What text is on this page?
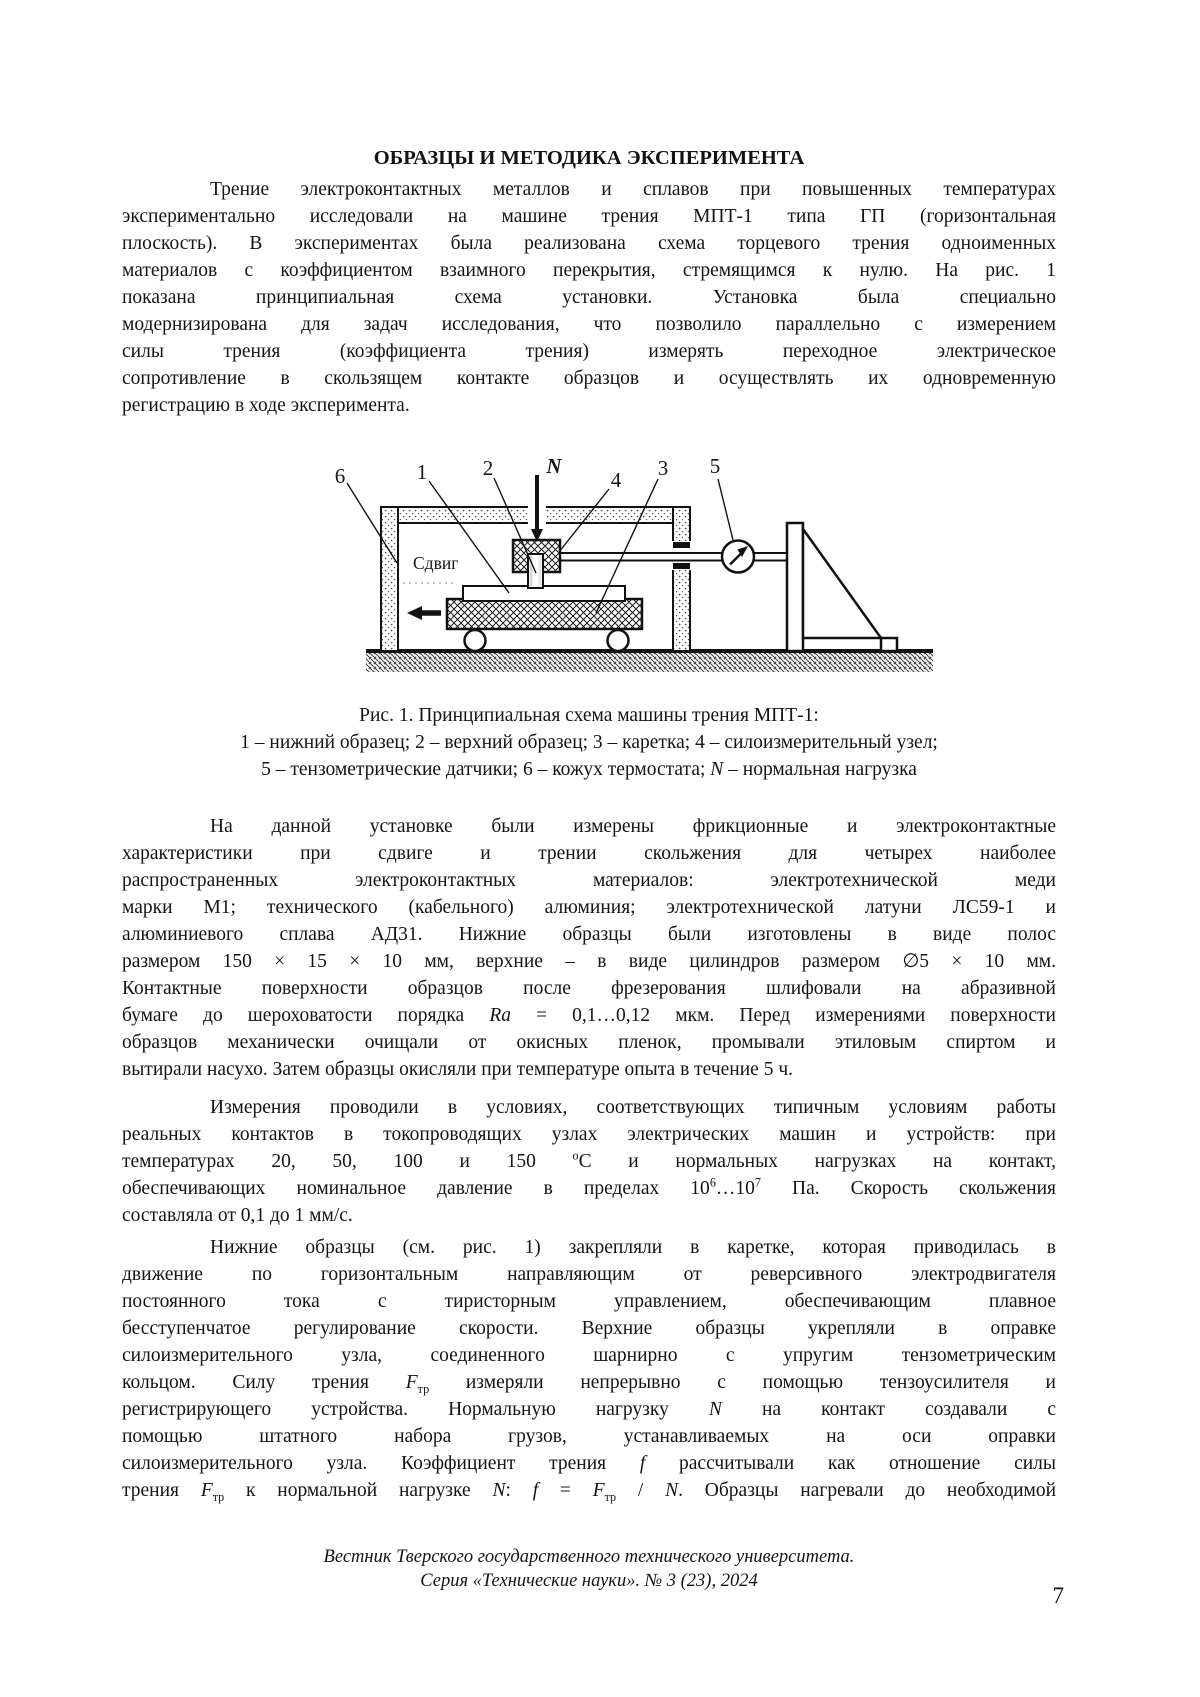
ОБРАЗЦЫ И МЕТОДИКА ЭКСПЕРИМЕНТА
Трение электроконтактных металлов и сплавов при повышенных температурах
экспериментально исследовали на машине трения МПТ-1 типа ГП (горизонтальная
плоскость). В экспериментах была реализована схема торцевого трения одноименных
материалов с коэффициентом взаимного перекрытия, стремящимся к нулю. На рис. 1
показана принципиальная схема установки. Установка была специально
модернизирована для задач исследования, что позволило параллельно с измерением
силы трения (коэффициента трения) измерять переходное электрическое
сопротивление в скользящем контакте образцов и осуществлять их одновременную
регистрацию в ходе эксперимента.
Сдвиг
6	1	2	N
4 3 5
Рис. 1. Принципиальная схема машины трения МПТ-1:
1 – нижний образец; 2 – верхний образец; 3 – каретка; 4 – силоизмерительный узел;
5 – тензометрические датчики; 6 – кожух термостата; N – нормальная нагрузка
На данной установке были измерены фрикционные и электроконтактные
характеристики при сдвиге и трении скольжения для четырех наиболее
распространенных электроконтактных материалов: электротехнической меди
марки М1; технического (кабельного) алюминия; электротехнической латуни ЛС59-1 и
алюминиевого сплава АД31. Нижние образцы были изготовлены в виде полос
размером 150 × 15 × 10 мм, верхние – в виде цилиндров размером ∅5 × 10 мм.
Контактные поверхности образцов после фрезерования шлифовали на абразивной
бумаге до шероховатости порядка Ra = 0,1…0,12 мкм. Перед измерениями поверхности
образцов механически очищали от окисных пленок, промывали этиловым спиртом и
вытирали насухо. Затем образцы окисляли при температуре опыта в течение 5 ч.
Измерения проводили в условиях, соответствующих типичным условиям работы
реальных контактов в токопроводящих узлах электрических машин и устройств: при
температурах 20, 50, 100 и 150 $^о$С и нормальных нагрузках на контакт,
обеспечивающих номинальное давление в пределах $10^6\dots 10^7$ Па. Скорость скольжения
составляла от 0,1 до 1 мм/с.
Нижние образцы (см. рис. 1) закрепляли в каретке, которая приводилась в
движение по горизонтальным направляющим от реверсивного электродвигателя
постоянного тока с тиристорным управлением, обеспечивающим плавное
бесступенчатое регулирование скорости. Верхние образцы укрепляли в оправке
силоизмерительного узла, соединенного шарнирно с упругим тензометрическим
кольцом. Силу трения $F_{тр}$ измеряли непрерывно с помощью тензоусилителя и
регистрирующего устройства. Нормальную нагрузку N на контакт создавали с
помощью штатного набора грузов, устанавливаемых на оси оправки
силоизмерительного узла. Коэффициент трения f рассчитывали как отношение силы
трения $F_{тр}$ к нормальной нагрузке N: $f = F_{тр} / N$. Образцы нагревали до необходимой
Вестник Тверского государственного технического университета.
Серия «Технические науки». № 3 (23), 2024
7
